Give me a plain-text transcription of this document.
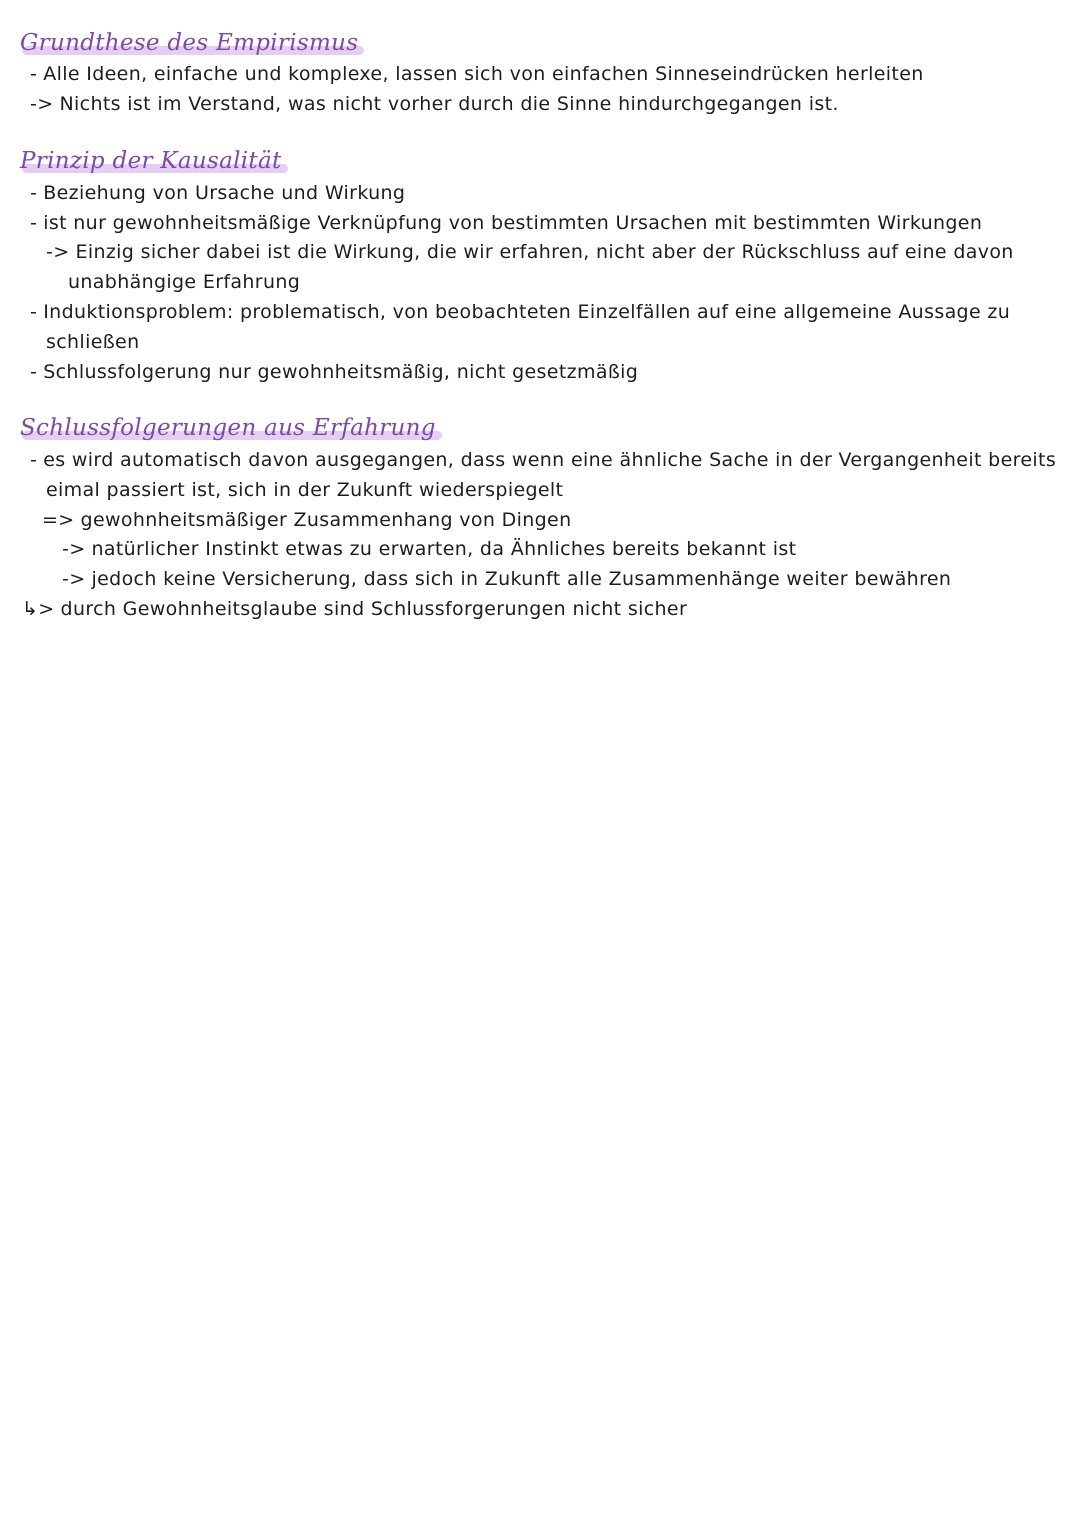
Grundthese des Empirismus
- Alle Ideen, einfache und komplexe, lassen sich von einfachen Sinneseindrücken herleiten
-> Nichts ist im Verstand, was nicht vorher durch die Sinne hindurchgegangen ist.
Prinzip der Kausalität
- Beziehung von Ursache und Wirkung
- ist nur gewohnheitsmäßige Verknüpfung von bestimmten Ursachen mit bestimmten Wirkungen
-> Einzig sicher dabei ist die Wirkung, die wir erfahren, nicht aber der Rückschluss auf eine davon
unabhängige Erfahrung
- Induktionsproblem: problematisch, von beobachteten Einzelfällen auf eine allgemeine Aussage zu
schließen
- Schlussfolgerung nur gewohnheitsmäßig, nicht gesetzmäßig
Schlussfolgerungen aus Erfahrung
- es wird automatisch davon ausgegangen, dass wenn eine ähnliche Sache in der Vergangenheit bereits
eimal passiert ist, sich in der Zukunft wiederspiegelt
=> gewohnheitsmäßiger Zusammenhang von Dingen
-> natürlicher Instinkt etwas zu erwarten, da Ähnliches bereits bekannt ist
-> jedoch keine Versicherung, dass sich in Zukunft alle Zusammenhänge weiter bewähren
↳> durch Gewohnheitsglaube sind Schlussforgerungen nicht sicher
